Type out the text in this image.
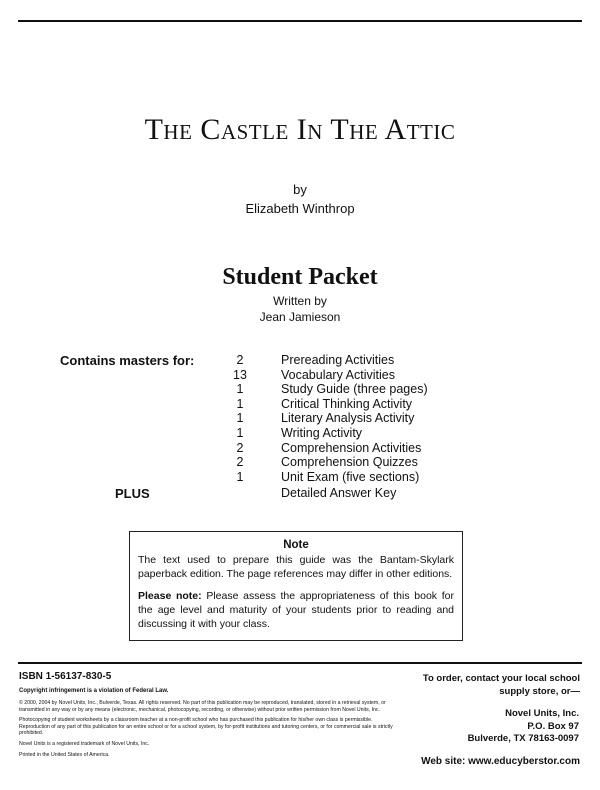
The Castle In The Attic
by
Elizabeth Winthrop
Student Packet
Written by
Jean Jamieson
Contains masters for:	2	Prereading Activities
13	Vocabulary Activities
1	Study Guide (three pages)
1	Critical Thinking Activity
1	Literary Analysis Activity
1	Writing Activity
2	Comprehension Activities
2	Comprehension Quizzes
1	Unit Exam (five sections)
PLUS	Detailed Answer Key
Note

The text used to prepare this guide was the Bantam-Skylark paperback edition. The page references may differ in other editions.

Please note: Please assess the appropriateness of this book for the age level and maturity of your students prior to reading and discussing it with your class.

ISBN 1-56137-830-5
Copyright infringement is a violation of Federal Law.

© 2000, 2004 by Novel Units, Inc., Bulverde, Texas. All rights reserved. No part of this publication may be reproduced, translated, stored in a retrieval system, or transmitted in any way or by any means (electronic, mechanical, photocopying, recording, or otherwise) without prior written permission from Novel Units, Inc.

Photocopying of student worksheets by a classroom teacher at a non-profit school who has purchased this publication for his/her own class is permissible. Reproduction of any part of this publication for an entire school or for a school system, by for-profit institutions and tutoring centers, or for commercial sale is strictly prohibited.

Novel Units is a registered trademark of Novel Units, Inc.

Printed in the United States of America.

To order, contact your local school
supply store, or—
Novel Units, Inc.
P.O. Box 97
Bulverde, TX 78163-0097
Web site: www.educyberstor.com
